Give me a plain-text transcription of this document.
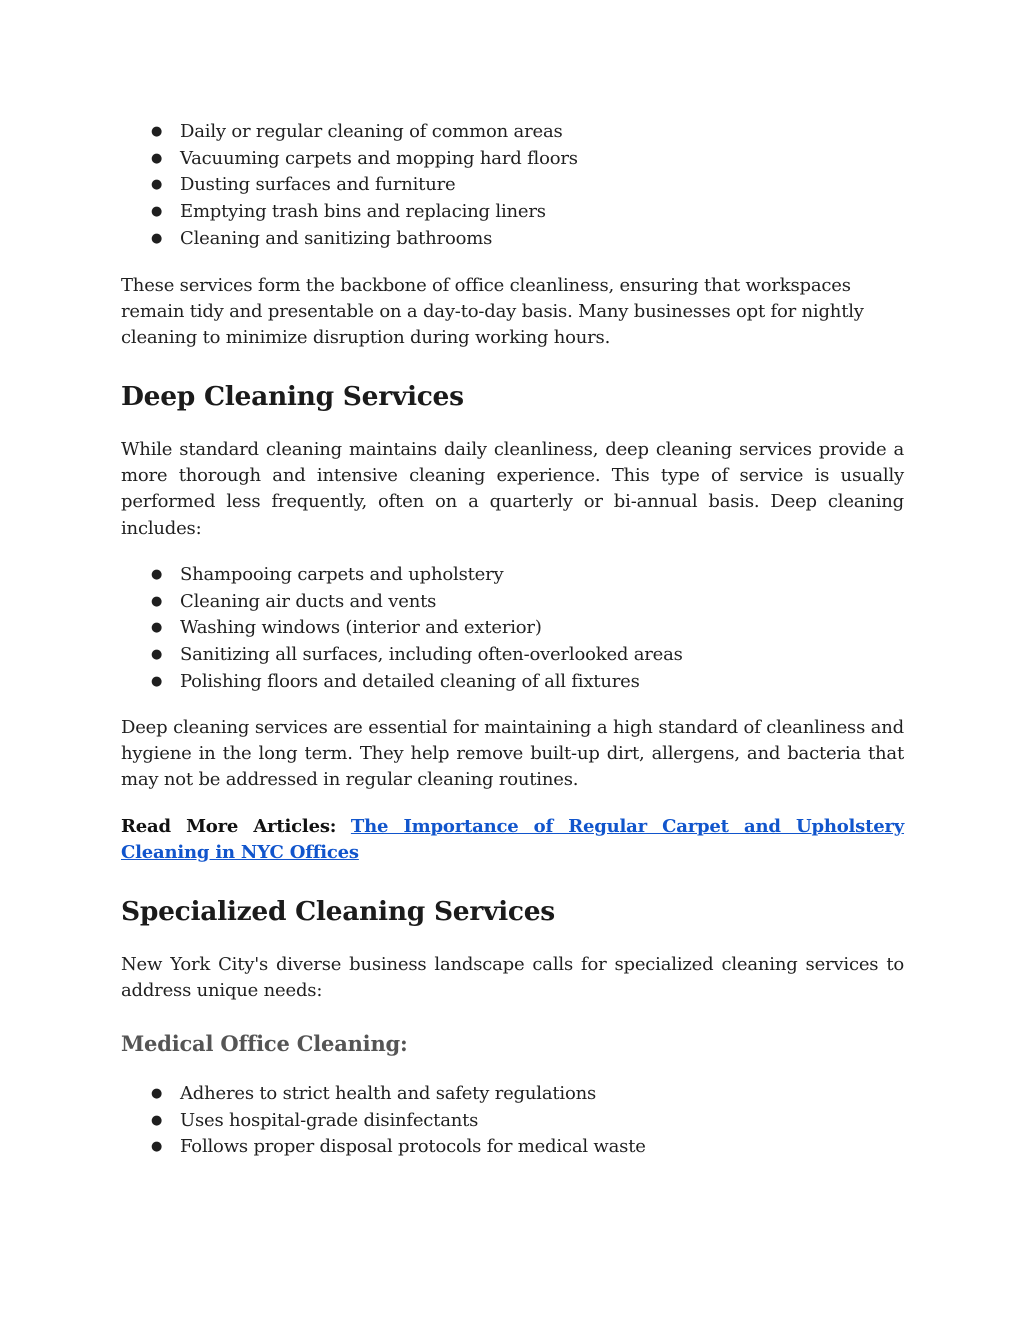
● Daily or regular cleaning of common areas
● Vacuuming carpets and mopping hard floors
● Dusting surfaces and furniture
● Emptying trash bins and replacing liners
● Cleaning and sanitizing bathrooms

These services form the backbone of office cleanliness, ensuring that workspaces remain tidy and presentable on a day-to-day basis. Many businesses opt for nightly cleaning to minimize disruption during working hours.

Deep Cleaning Services

While standard cleaning maintains daily cleanliness, deep cleaning services provide a more thorough and intensive cleaning experience. This type of service is usually performed less frequently, often on a quarterly or bi-annual basis. Deep cleaning includes:

● Shampooing carpets and upholstery
● Cleaning air ducts and vents
● Washing windows (interior and exterior)
● Sanitizing all surfaces, including often-overlooked areas
● Polishing floors and detailed cleaning of all fixtures

Deep cleaning services are essential for maintaining a high standard of cleanliness and hygiene in the long term. They help remove built-up dirt, allergens, and bacteria that may not be addressed in regular cleaning routines.

Read More Articles: The Importance of Regular Carpet and Upholstery Cleaning in NYC Offices

Specialized Cleaning Services

New York City's diverse business landscape calls for specialized cleaning services to address unique needs:

Medical Office Cleaning:
● Adheres to strict health and safety regulations
● Uses hospital-grade disinfectants
● Follows proper disposal protocols for medical waste
